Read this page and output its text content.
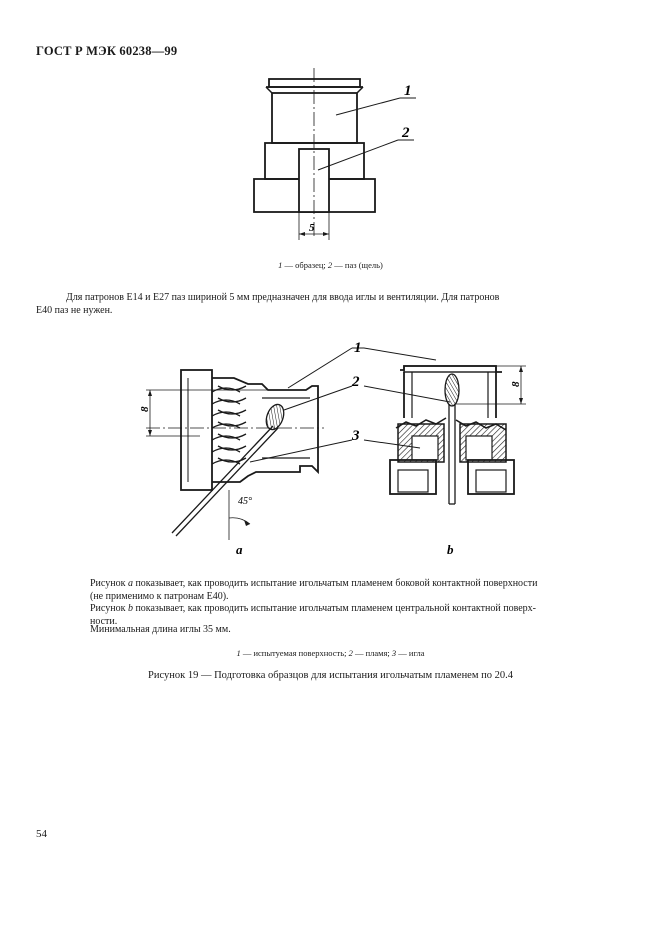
ГОСТ Р МЭК 60238—99
1
2
5
8
45°
8
1
2
3
a	b
1 — образец; 2 — паз (щель)
Для патронов Е14 и Е27 паз шириной 5 мм предназначен для ввода иглы и вентиляции. Для патронов
Е40 паз не нужен.
Рисунок a показывает, как проводить испытание игольчатым пламенем боковой контактной поверхности
(не применимо к патронам Е40).
Рисунок b показывает, как проводить испытание игольчатым пламенем центральной контактной поверх-
ности.
Минимальная длина иглы 35 мм.
1 — испытуемая поверхность; 2 — пламя; 3 — игла
Рисунок 19 — Подготовка образцов для испытания игольчатым пламенем по 20.4
54
